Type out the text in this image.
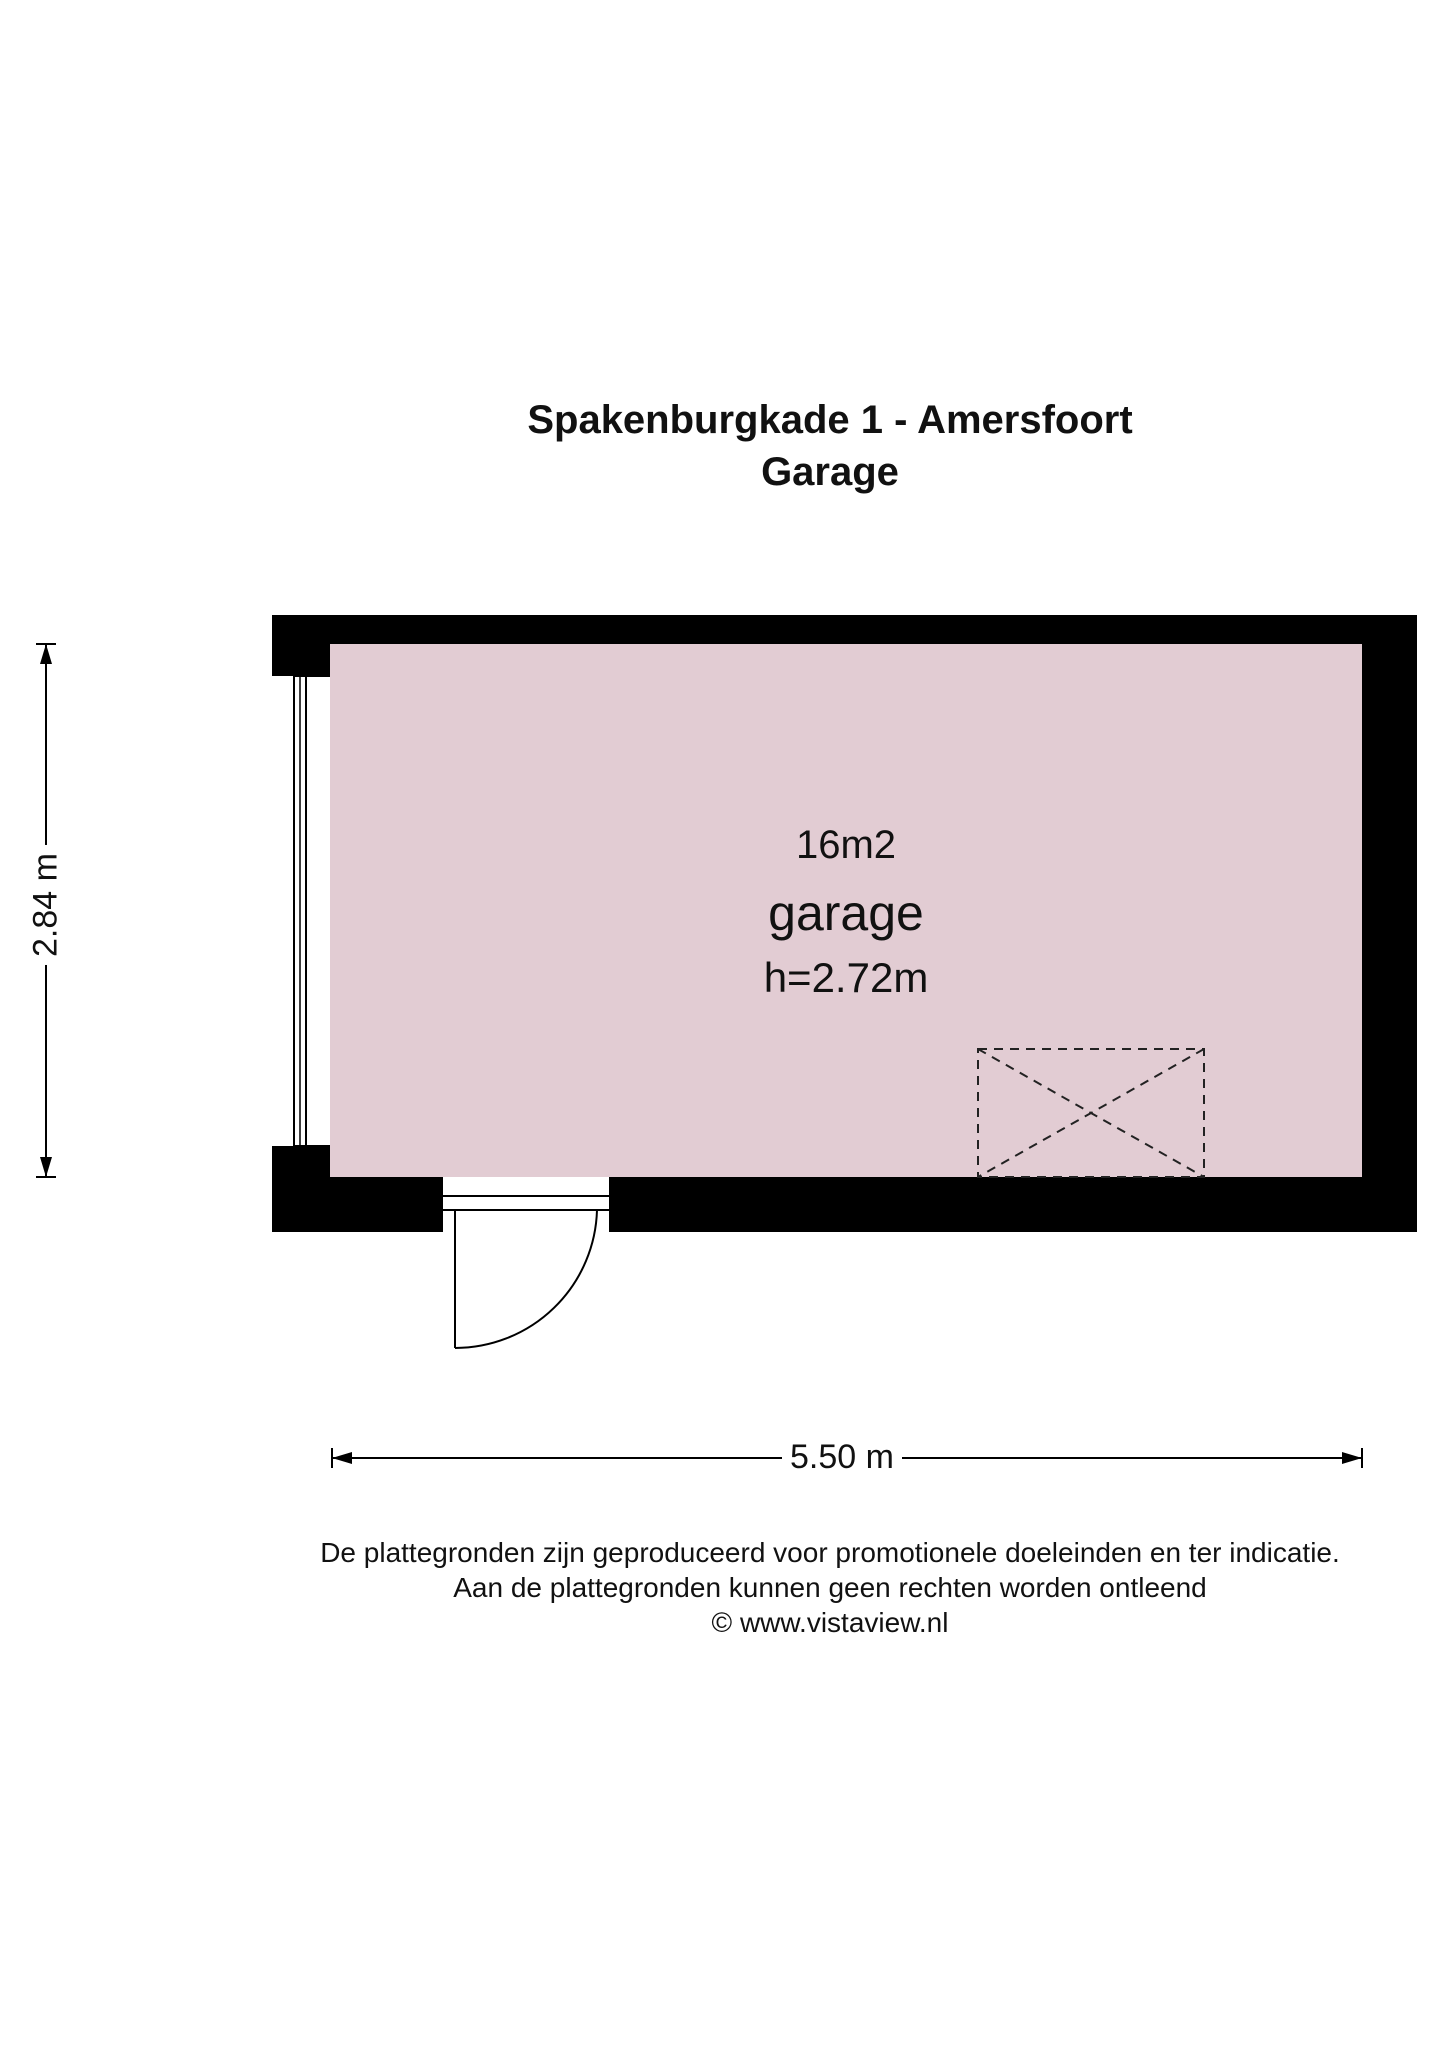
Spakenburgkade 1 - Amersfoort
Garage
16m2
garage
h=2.72m
5.50 m
2.84 m
De plattegronden zijn geproduceerd voor promotionele doeleinden en ter indicatie.
Aan de plattegronden kunnen geen rechten worden ontleend
© www.vistaview.nl
